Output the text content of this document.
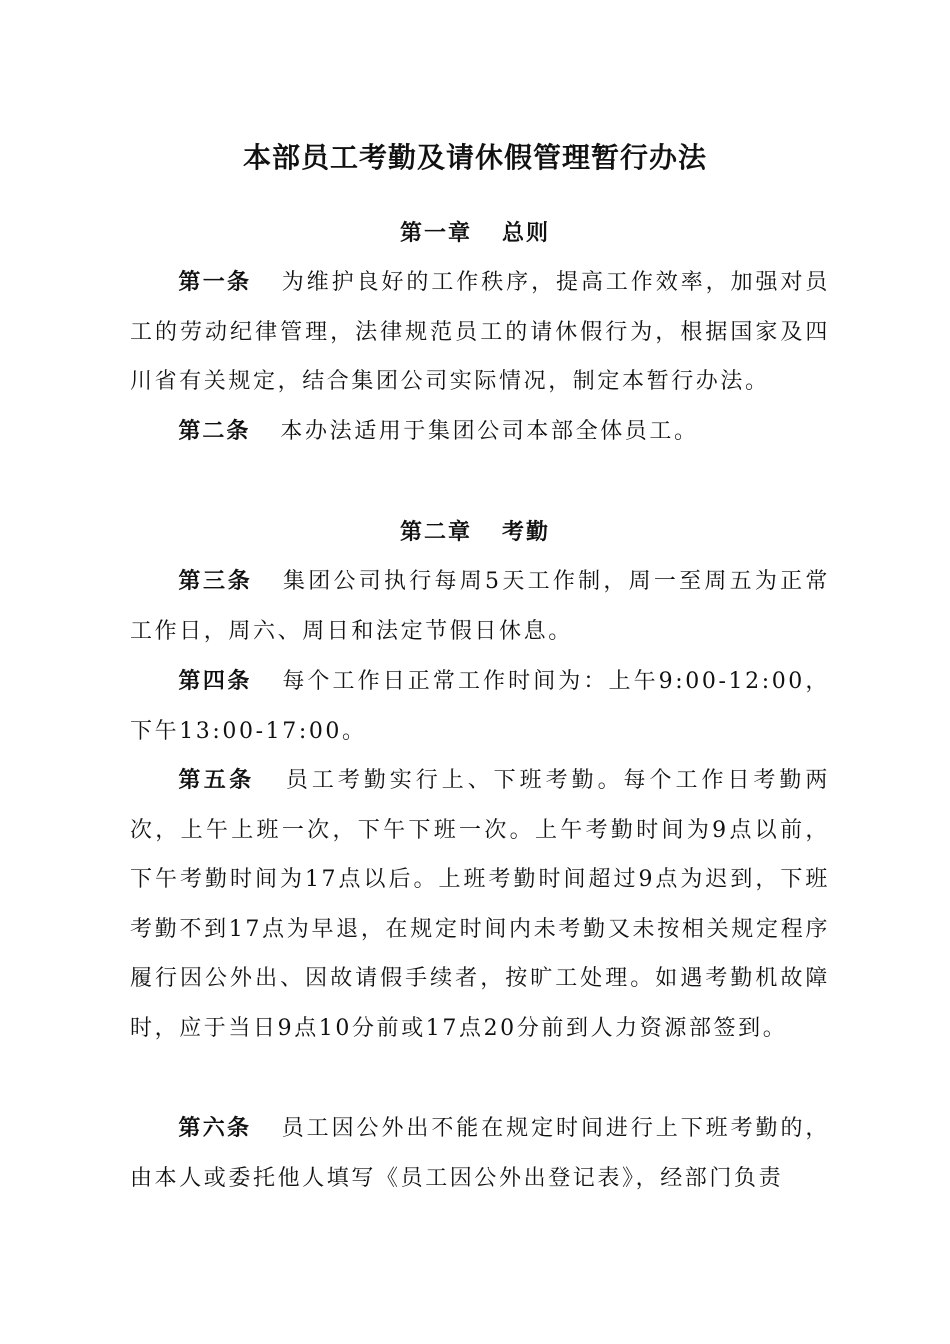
本部员工考勤及请休假管理暂行办法
第一章 总则
第一条 为维护良好的工作秩序，提高工作效率，加强对员工的劳动纪律管理，法律规范员工的请休假行为，根据国家及四川省有关规定，结合集团公司实际情况，制定本暂行办法。
第二条 本办法适用于集团公司本部全体员工。
第二章 考勤
第三条 集团公司执行每周5天工作制，周一至周五为正常工作日，周六、周日和法定节假日休息。
第四条 每个工作日正常工作时间为：上午9:00-12:00，下午13:00-17:00。
第五条 员工考勤实行上、下班考勤。每个工作日考勤两次，上午上班一次，下午下班一次。上午考勤时间为9点以前，下午考勤时间为17点以后。上班考勤时间超过9点为迟到，下班考勤不到17点为早退，在规定时间内未考勤又未按相关规定程序履行因公外出、因故请假手续者，按旷工处理。如遇考勤机故障时，应于当日9点10分前或17点20分前到人力资源部签到。
第六条 员工因公外出不能在规定时间进行上下班考勤的，由本人或委托他人填写《员工因公外出登记表》，经部门负责
